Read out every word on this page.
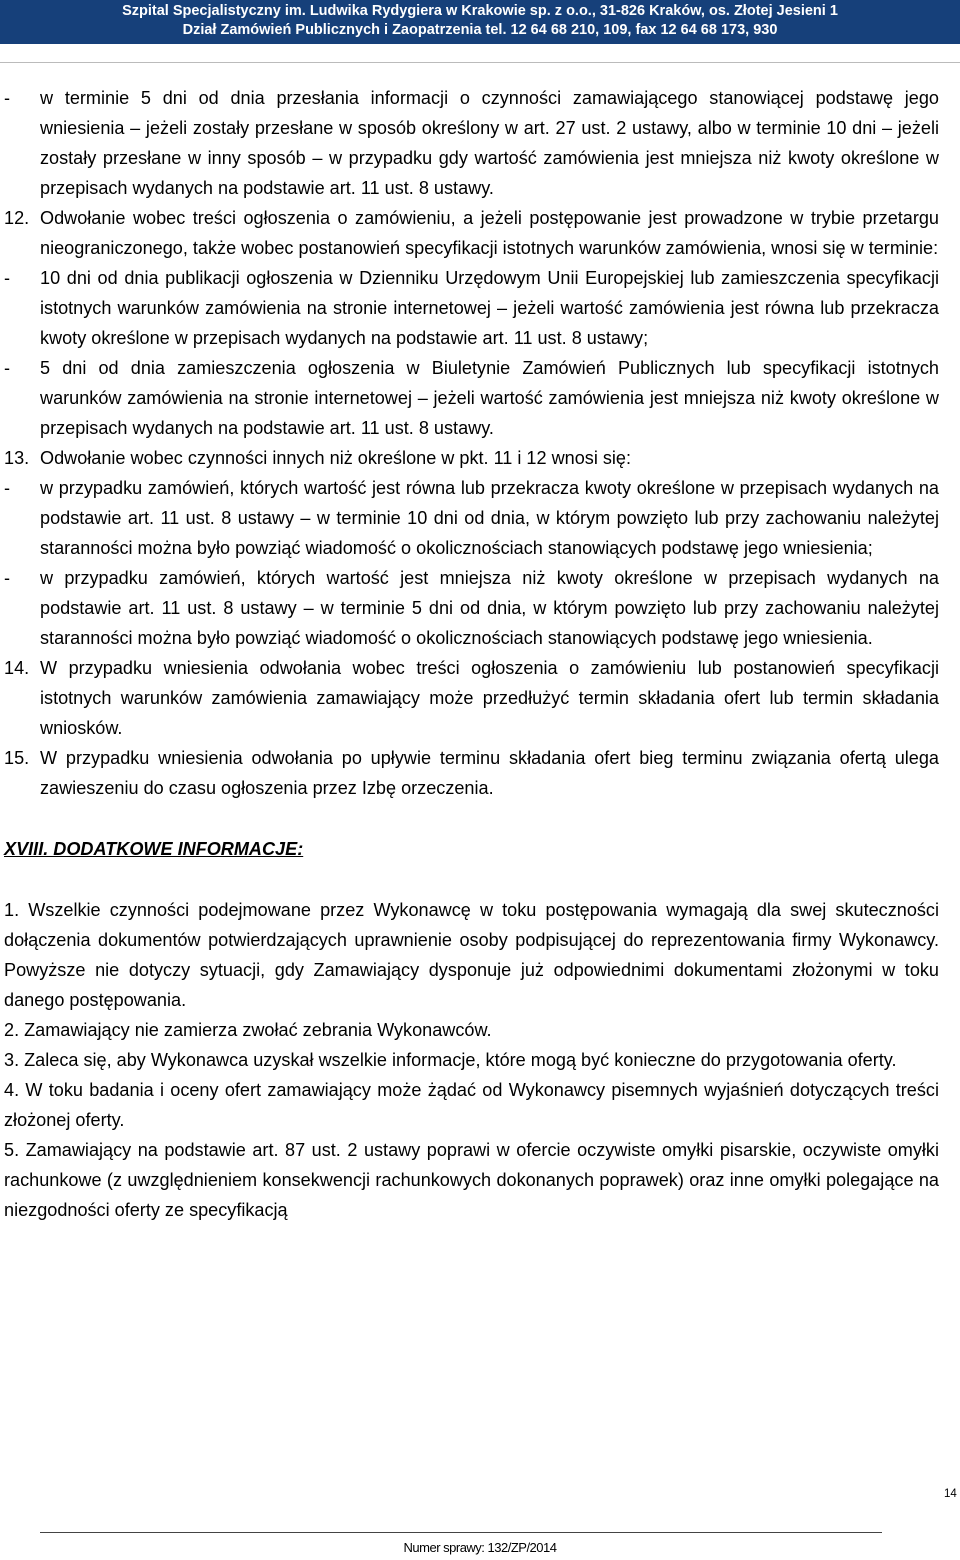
Szpital Specjalistyczny im. Ludwika Rydygiera w Krakowie sp. z o.o., 31-826 Kraków, os. Złotej Jesieni 1
Dział Zamówień Publicznych i Zaopatrzenia tel. 12 64 68 210, 109, fax 12 64 68 173, 930
-	w terminie 5 dni od dnia przesłania informacji o czynności zamawiającego stanowiącej podstawę jego wniesienia – jeżeli zostały przesłane w sposób określony w art. 27 ust. 2 ustawy, albo w terminie 10 dni – jeżeli zostały przesłane w inny sposób – w przypadku gdy wartość zamówienia jest mniejsza niż kwoty określone w przepisach wydanych na podstawie art. 11 ust. 8 ustawy.
12. Odwołanie wobec treści ogłoszenia o zamówieniu, a jeżeli postępowanie jest prowadzone w trybie przetargu nieograniczonego, także wobec postanowień specyfikacji istotnych warunków zamówienia, wnosi się w terminie:
-	10 dni od dnia publikacji ogłoszenia w Dzienniku Urzędowym Unii Europejskiej lub zamieszczenia specyfikacji istotnych warunków zamówienia na stronie internetowej – jeżeli wartość zamówienia jest równa lub przekracza kwoty określone w przepisach wydanych na podstawie art. 11 ust. 8 ustawy;
-	5 dni od dnia zamieszczenia ogłoszenia w Biuletynie Zamówień Publicznych lub specyfikacji istotnych warunków zamówienia na stronie internetowej – jeżeli wartość zamówienia jest mniejsza niż kwoty określone w przepisach wydanych na podstawie art. 11 ust. 8 ustawy.
13. Odwołanie wobec czynności innych niż określone w pkt. 11 i 12 wnosi się:
-	w przypadku zamówień, których wartość jest równa lub przekracza kwoty określone w przepisach wydanych na podstawie art. 11 ust. 8 ustawy – w terminie 10 dni od dnia, w którym powzięto lub przy zachowaniu należytej staranności można było powziąć wiadomość o okolicznościach stanowiących podstawę jego wniesienia;
-	w przypadku zamówień, których wartość jest mniejsza niż kwoty określone w przepisach wydanych na podstawie art. 11 ust. 8 ustawy – w terminie 5 dni od dnia, w którym powzięto lub przy zachowaniu należytej staranności można było powziąć wiadomość o okolicznościach stanowiących podstawę jego wniesienia.
14. W przypadku wniesienia odwołania wobec treści ogłoszenia o zamówieniu lub postanowień specyfikacji istotnych warunków zamówienia zamawiający może przedłużyć termin składania ofert lub termin składania wniosków.
15. W przypadku wniesienia odwołania po upływie terminu składania ofert bieg terminu związania ofertą ulega zawieszeniu do czasu ogłoszenia przez Izbę orzeczenia.
XVIII. DODATKOWE INFORMACJE:
1. Wszelkie czynności podejmowane przez Wykonawcę w toku postępowania wymagają dla swej skuteczności dołączenia dokumentów potwierdzających uprawnienie osoby podpisującej do reprezentowania firmy Wykonawcy. Powyższe nie dotyczy sytuacji, gdy Zamawiający dysponuje już odpowiednimi dokumentami złożonymi w toku danego postępowania.
2. Zamawiający nie zamierza zwołać zebrania Wykonawców.
3. Zaleca się, aby Wykonawca uzyskał wszelkie informacje, które mogą być konieczne do przygotowania oferty.
4. W toku badania i oceny ofert zamawiający może żądać od Wykonawcy pisemnych wyjaśnień dotyczących treści złożonej oferty.
5. Zamawiający na podstawie art. 87 ust. 2 ustawy poprawi w ofercie oczywiste omyłki pisarskie, oczywiste omyłki rachunkowe (z uwzględnieniem konsekwencji rachunkowych dokonanych poprawek) oraz inne omyłki polegające na niezgodności oferty ze specyfikacją
14
Numer sprawy: 132/ZP/2014
